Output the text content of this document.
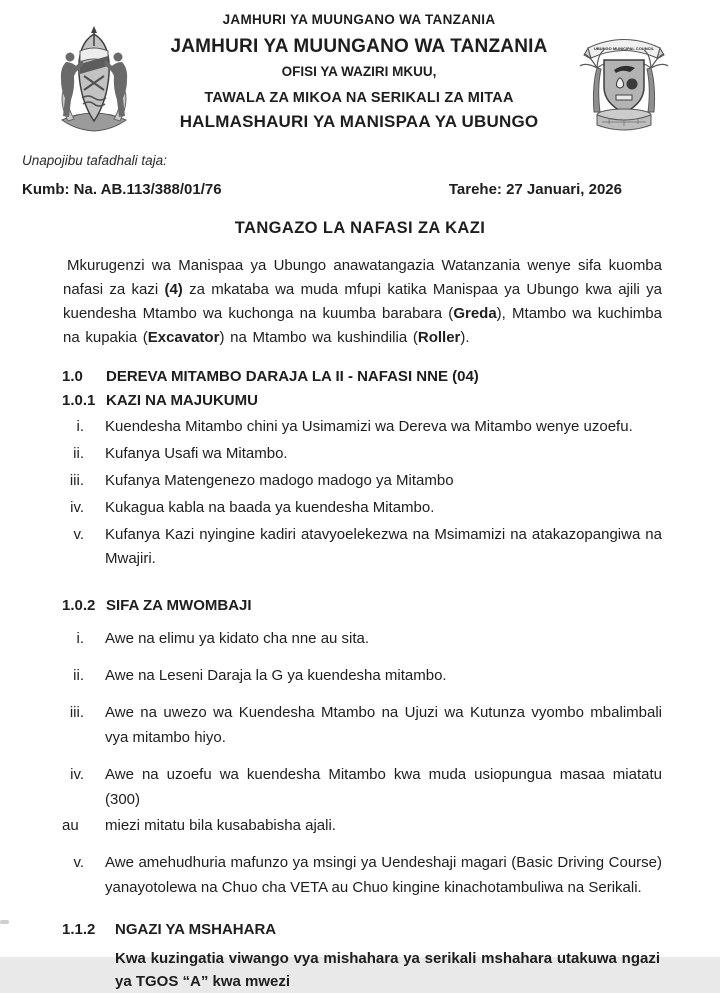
JAMHURI YA MUUNGANO WA TANZANIA
JAMHURI YA MUUNGANO WA TANZANIA
OFISI YA WAZIRI MKUU,
TAWALA ZA MIKOA NA SERIKALI ZA MITAA
HALMASHAURI YA MANISPAA YA UBUNGO
UBUNGO MUNICIPAL COUNCIL
Unapojibu tafadhali taja:
Kumb: Na. AB.113/388/01/76	Tarehe: 27 Januari, 2026
TANGAZO LA NAFASI ZA KAZI

Mkurugenzi wa Manispaa ya Ubungo anawatangazia Watanzania wenye sifa kuomba nafasi za kazi (4) za mkataba wa muda mfupi katika Manispaa ya Ubungo kwa ajili ya kuendesha Mtambo wa kuchonga na kuumba barabara (Greda), Mtambo wa kuchimba na kupakia (Excavator) na Mtambo wa kushindilia (Roller).

1.0	DEREVA MITAMBO DARAJA LA II - NAFASI NNE (04)
1.0.1 KAZI NA MAJUKUMU
i. Kuendesha Mitambo chini ya Usimamizi wa Dereva wa Mitambo wenye uzoefu.
ii. Kufanya Usafi wa Mitambo.
iii. Kufanya Matengenezo madogo madogo ya Mitambo
iv. Kukagua kabla na baada ya kuendesha Mitambo.
v. Kufanya Kazi nyingine kadiri atavyoelekezwa na Msimamizi na atakazopangiwa na Mwajiri.
1.0.2 SIFA ZA MWOMBAJI
i. Awe na elimu ya kidato cha nne au sita.
ii. Awe na Leseni Daraja la G ya kuendesha mitambo.
iii. Awe na uwezo wa Kuendesha Mtambo na Ujuzi wa Kutunza vyombo mbalimbali vya mitambo hiyo.
iv. Awe na uzoefu wa kuendesha Mitambo kwa muda usiopungua masaa miatatu (300)
au	miezi mitatu bila kusababisha ajali.
v. Awe amehudhuria mafunzo ya msingi ya Uendeshaji magari (Basic Driving Course) yanayotolewa na Chuo cha VETA au Chuo kingine kinachotambuliwa na Serikali.
1.1.2	NGAZI YA MSHAHARA

Kwa kuzingatia viwango vya mishahara ya serikali mshahara utakuwa ngazi ya TGOS “A” kwa mwezi
